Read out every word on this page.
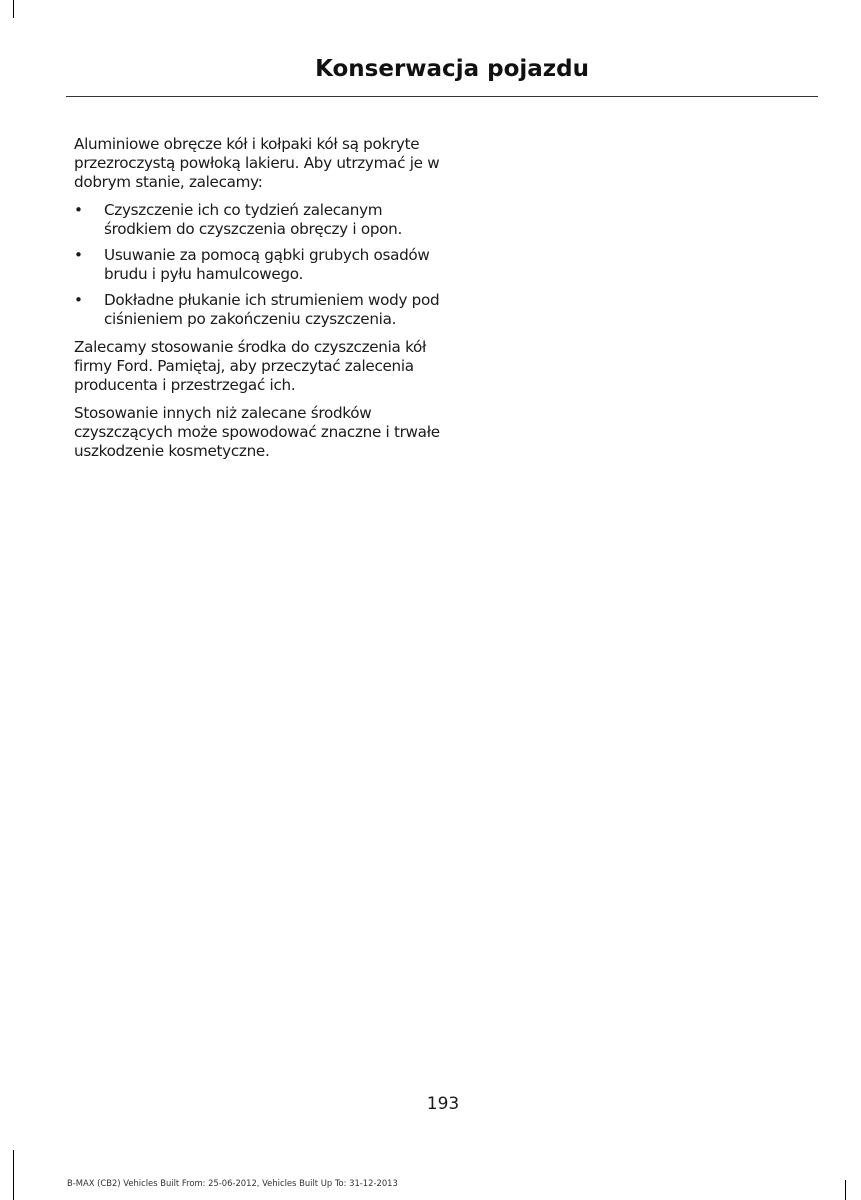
Konserwacja pojazdu

Aluminiowe obręcze kół i kołpaki kół są pokryte przezroczystą powłoką lakieru. Aby utrzymać je w dobrym stanie, zalecamy:

• Czyszczenie ich co tydzień zalecanym środkiem do czyszczenia obręczy i opon.
• Usuwanie za pomocą gąbki grubych osadów brudu i pyłu hamulcowego.
• Dokładne płukanie ich strumieniem wody pod ciśnieniem po zakończeniu czyszczenia.

Zalecamy stosowanie środka do czyszczenia kół firmy Ford. Pamiętaj, aby przeczytać zalecenia producenta i przestrzegać ich.

Stosowanie innych niż zalecane środków czyszczących może spowodować znaczne i trwałe uszkodzenie kosmetyczne.

193
B-MAX (CB2) Vehicles Built From: 25-06-2012, Vehicles Built Up To: 31-12-2013
